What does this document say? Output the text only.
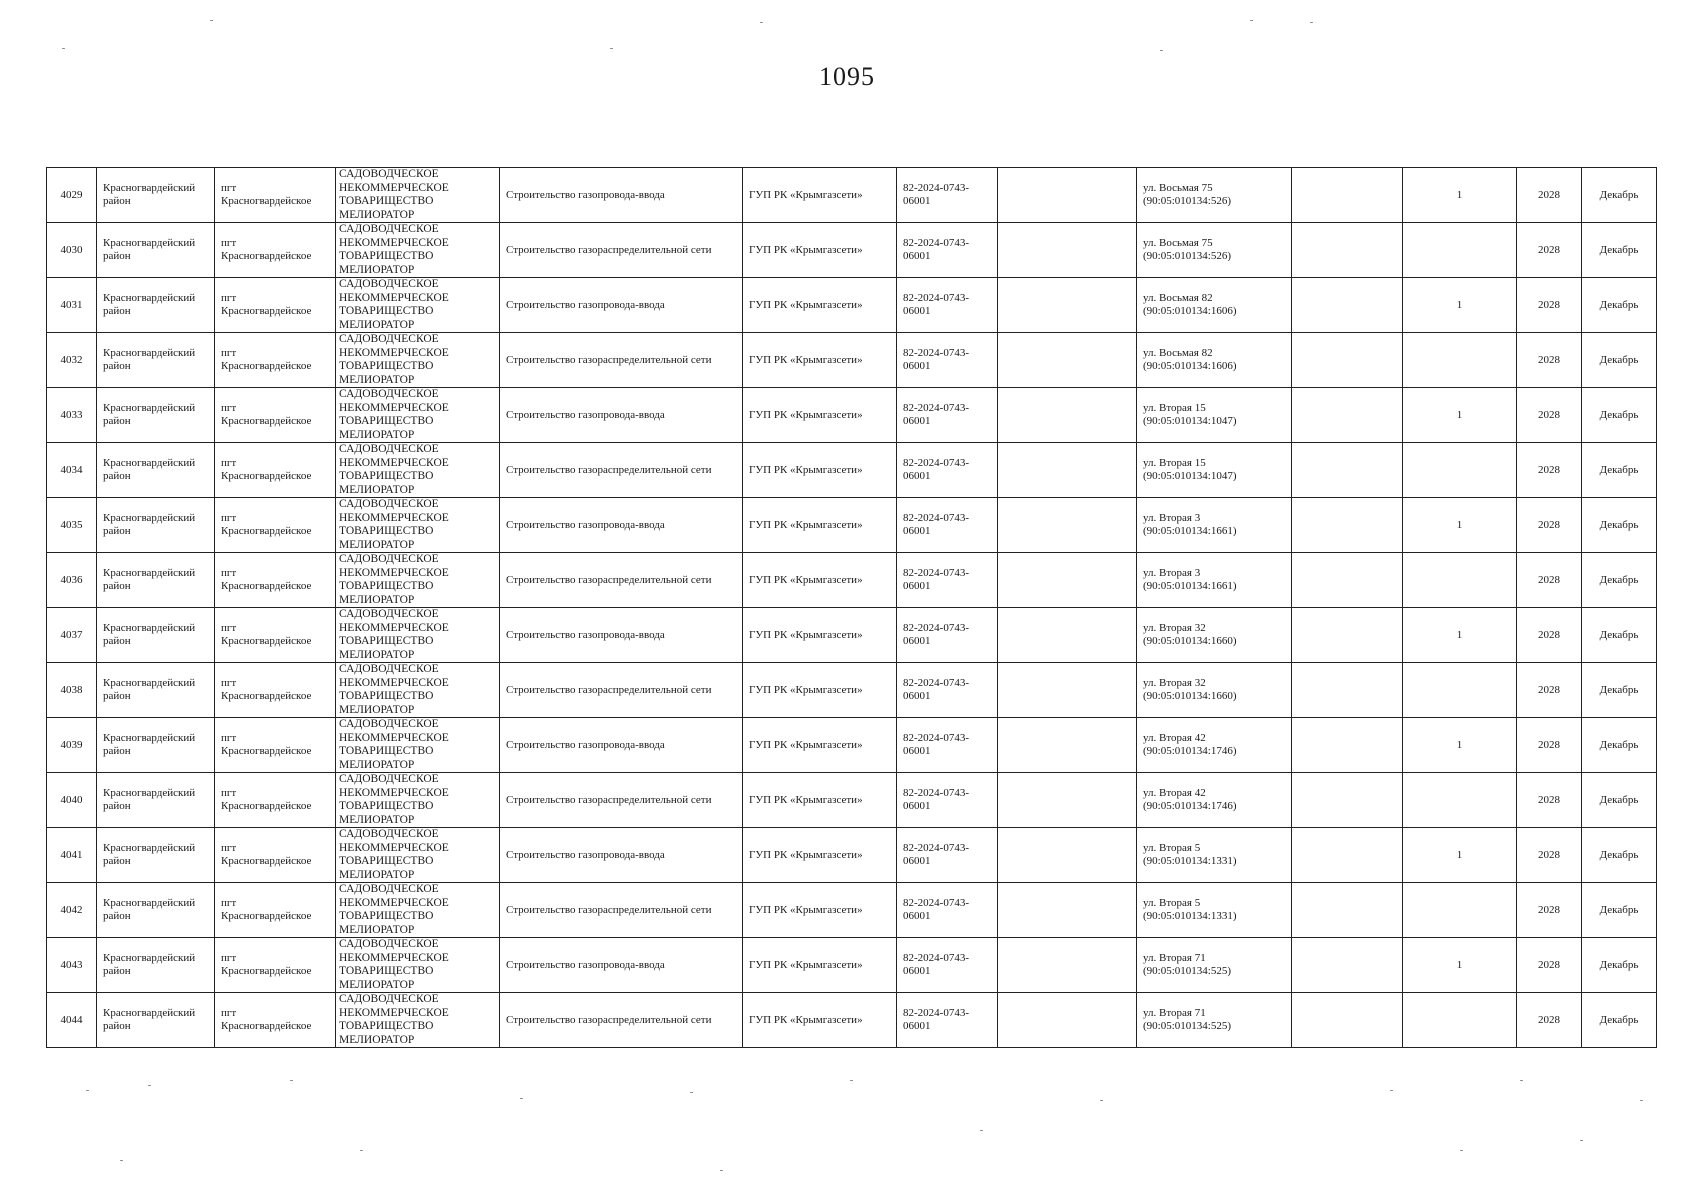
1095
4029	Красногвардейский район	пгт Красногвардейское	САДОВОДЧЕСКОЕ НЕКОММЕРЧЕСКОЕ ТОВАРИЩЕСТВО МЕЛИОРАТОР	Строительство газопровода-ввода	ГУП РК «Крымгазсети»	82-2024-0743-06001		ул. Восьмая 75 (90:05:010134:526)		1	2028	Декабрь
4030	Красногвардейский район	пгт Красногвардейское	САДОВОДЧЕСКОЕ НЕКОММЕРЧЕСКОЕ ТОВАРИЩЕСТВО МЕЛИОРАТОР	Строительство газораспределительной сети	ГУП РК «Крымгазсети»	82-2024-0743-06001		ул. Восьмая 75 (90:05:010134:526)			2028	Декабрь
4031	Красногвардейский район	пгт Красногвардейское	САДОВОДЧЕСКОЕ НЕКОММЕРЧЕСКОЕ ТОВАРИЩЕСТВО МЕЛИОРАТОР	Строительство газопровода-ввода	ГУП РК «Крымгазсети»	82-2024-0743-06001		ул. Восьмая 82 (90:05:010134:1606)		1	2028	Декабрь
4032	Красногвардейский район	пгт Красногвардейское	САДОВОДЧЕСКОЕ НЕКОММЕРЧЕСКОЕ ТОВАРИЩЕСТВО МЕЛИОРАТОР	Строительство газораспределительной сети	ГУП РК «Крымгазсети»	82-2024-0743-06001		ул. Восьмая 82 (90:05:010134:1606)			2028	Декабрь
4033	Красногвардейский район	пгт Красногвардейское	САДОВОДЧЕСКОЕ НЕКОММЕРЧЕСКОЕ ТОВАРИЩЕСТВО МЕЛИОРАТОР	Строительство газопровода-ввода	ГУП РК «Крымгазсети»	82-2024-0743-06001		ул. Вторая 15 (90:05:010134:1047)		1	2028	Декабрь
4034	Красногвардейский район	пгт Красногвардейское	САДОВОДЧЕСКОЕ НЕКОММЕРЧЕСКОЕ ТОВАРИЩЕСТВО МЕЛИОРАТОР	Строительство газораспределительной сети	ГУП РК «Крымгазсети»	82-2024-0743-06001		ул. Вторая 15 (90:05:010134:1047)			2028	Декабрь
4035	Красногвардейский район	пгт Красногвардейское	САДОВОДЧЕСКОЕ НЕКОММЕРЧЕСКОЕ ТОВАРИЩЕСТВО МЕЛИОРАТОР	Строительство газопровода-ввода	ГУП РК «Крымгазсети»	82-2024-0743-06001		ул. Вторая 3 (90:05:010134:1661)		1	2028	Декабрь
4036	Красногвардейский район	пгт Красногвардейское	САДОВОДЧЕСКОЕ НЕКОММЕРЧЕСКОЕ ТОВАРИЩЕСТВО МЕЛИОРАТОР	Строительство газораспределительной сети	ГУП РК «Крымгазсети»	82-2024-0743-06001		ул. Вторая 3 (90:05:010134:1661)			2028	Декабрь
4037	Красногвардейский район	пгт Красногвардейское	САДОВОДЧЕСКОЕ НЕКОММЕРЧЕСКОЕ ТОВАРИЩЕСТВО МЕЛИОРАТОР	Строительство газопровода-ввода	ГУП РК «Крымгазсети»	82-2024-0743-06001		ул. Вторая 32 (90:05:010134:1660)		1	2028	Декабрь
4038	Красногвардейский район	пгт Красногвардейское	САДОВОДЧЕСКОЕ НЕКОММЕРЧЕСКОЕ ТОВАРИЩЕСТВО МЕЛИОРАТОР	Строительство газораспределительной сети	ГУП РК «Крымгазсети»	82-2024-0743-06001		ул. Вторая 32 (90:05:010134:1660)			2028	Декабрь
4039	Красногвардейский район	пгт Красногвардейское	САДОВОДЧЕСКОЕ НЕКОММЕРЧЕСКОЕ ТОВАРИЩЕСТВО МЕЛИОРАТОР	Строительство газопровода-ввода	ГУП РК «Крымгазсети»	82-2024-0743-06001		ул. Вторая 42 (90:05:010134:1746)		1	2028	Декабрь
4040	Красногвардейский район	пгт Красногвардейское	САДОВОДЧЕСКОЕ НЕКОММЕРЧЕСКОЕ ТОВАРИЩЕСТВО МЕЛИОРАТОР	Строительство газораспределительной сети	ГУП РК «Крымгазсети»	82-2024-0743-06001		ул. Вторая 42 (90:05:010134:1746)			2028	Декабрь
4041	Красногвардейский район	пгт Красногвардейское	САДОВОДЧЕСКОЕ НЕКОММЕРЧЕСКОЕ ТОВАРИЩЕСТВО МЕЛИОРАТОР	Строительство газопровода-ввода	ГУП РК «Крымгазсети»	82-2024-0743-06001		ул. Вторая 5 (90:05:010134:1331)		1	2028	Декабрь
4042	Красногвардейский район	пгт Красногвардейское	САДОВОДЧЕСКОЕ НЕКОММЕРЧЕСКОЕ ТОВАРИЩЕСТВО МЕЛИОРАТОР	Строительство газораспределительной сети	ГУП РК «Крымгазсети»	82-2024-0743-06001		ул. Вторая 5 (90:05:010134:1331)			2028	Декабрь
4043	Красногвардейский район	пгт Красногвардейское	САДОВОДЧЕСКОЕ НЕКОММЕРЧЕСКОЕ ТОВАРИЩЕСТВО МЕЛИОРАТОР	Строительство газопровода-ввода	ГУП РК «Крымгазсети»	82-2024-0743-06001		ул. Вторая 71 (90:05:010134:525)		1	2028	Декабрь
4044	Красногвардейский район	пгт Красногвардейское	САДОВОДЧЕСКОЕ НЕКОММЕРЧЕСКОЕ ТОВАРИЩЕСТВО МЕЛИОРАТОР	Строительство газораспределительной сети	ГУП РК «Крымгазсети»	82-2024-0743-06001		ул. Вторая 71 (90:05:010134:525)			2028	Декабрь
